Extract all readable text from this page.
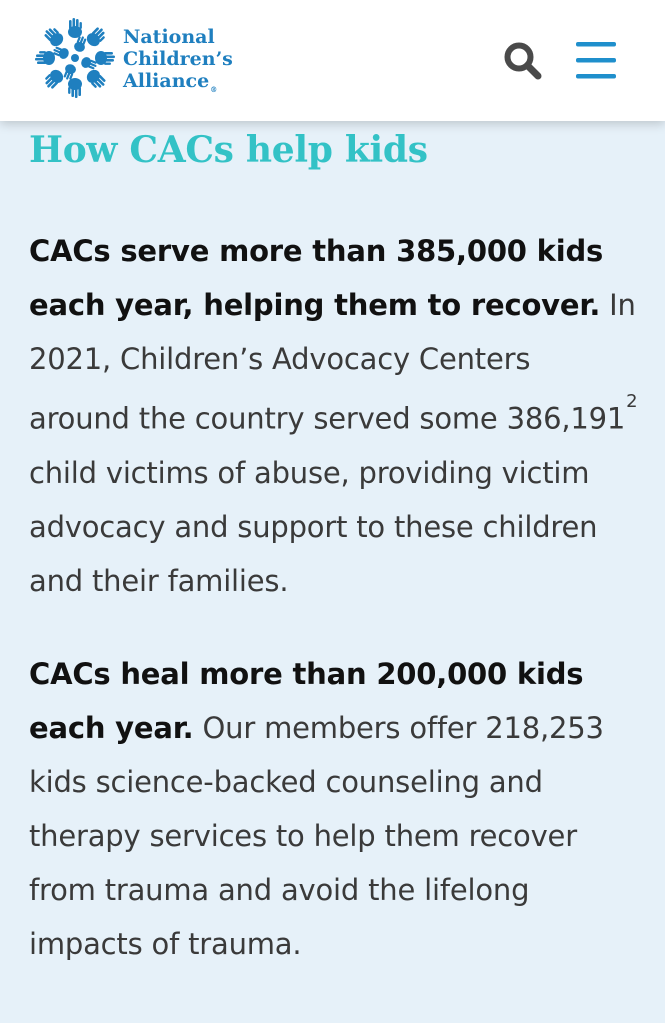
National
Children’s
Alliance®
How CACs help kids

CACs serve more than 385,000 kids each year, helping them to recover. In 2021, Children’s Advocacy Centers around the country served some 386,191$^2$ child victims of abuse, providing victim advocacy and support to these children and their families.

CACs heal more than 200,000 kids each year. Our members offer 218,253 kids science-backed counseling and therapy services to help them recover from trauma and avoid the lifelong impacts of trauma.
